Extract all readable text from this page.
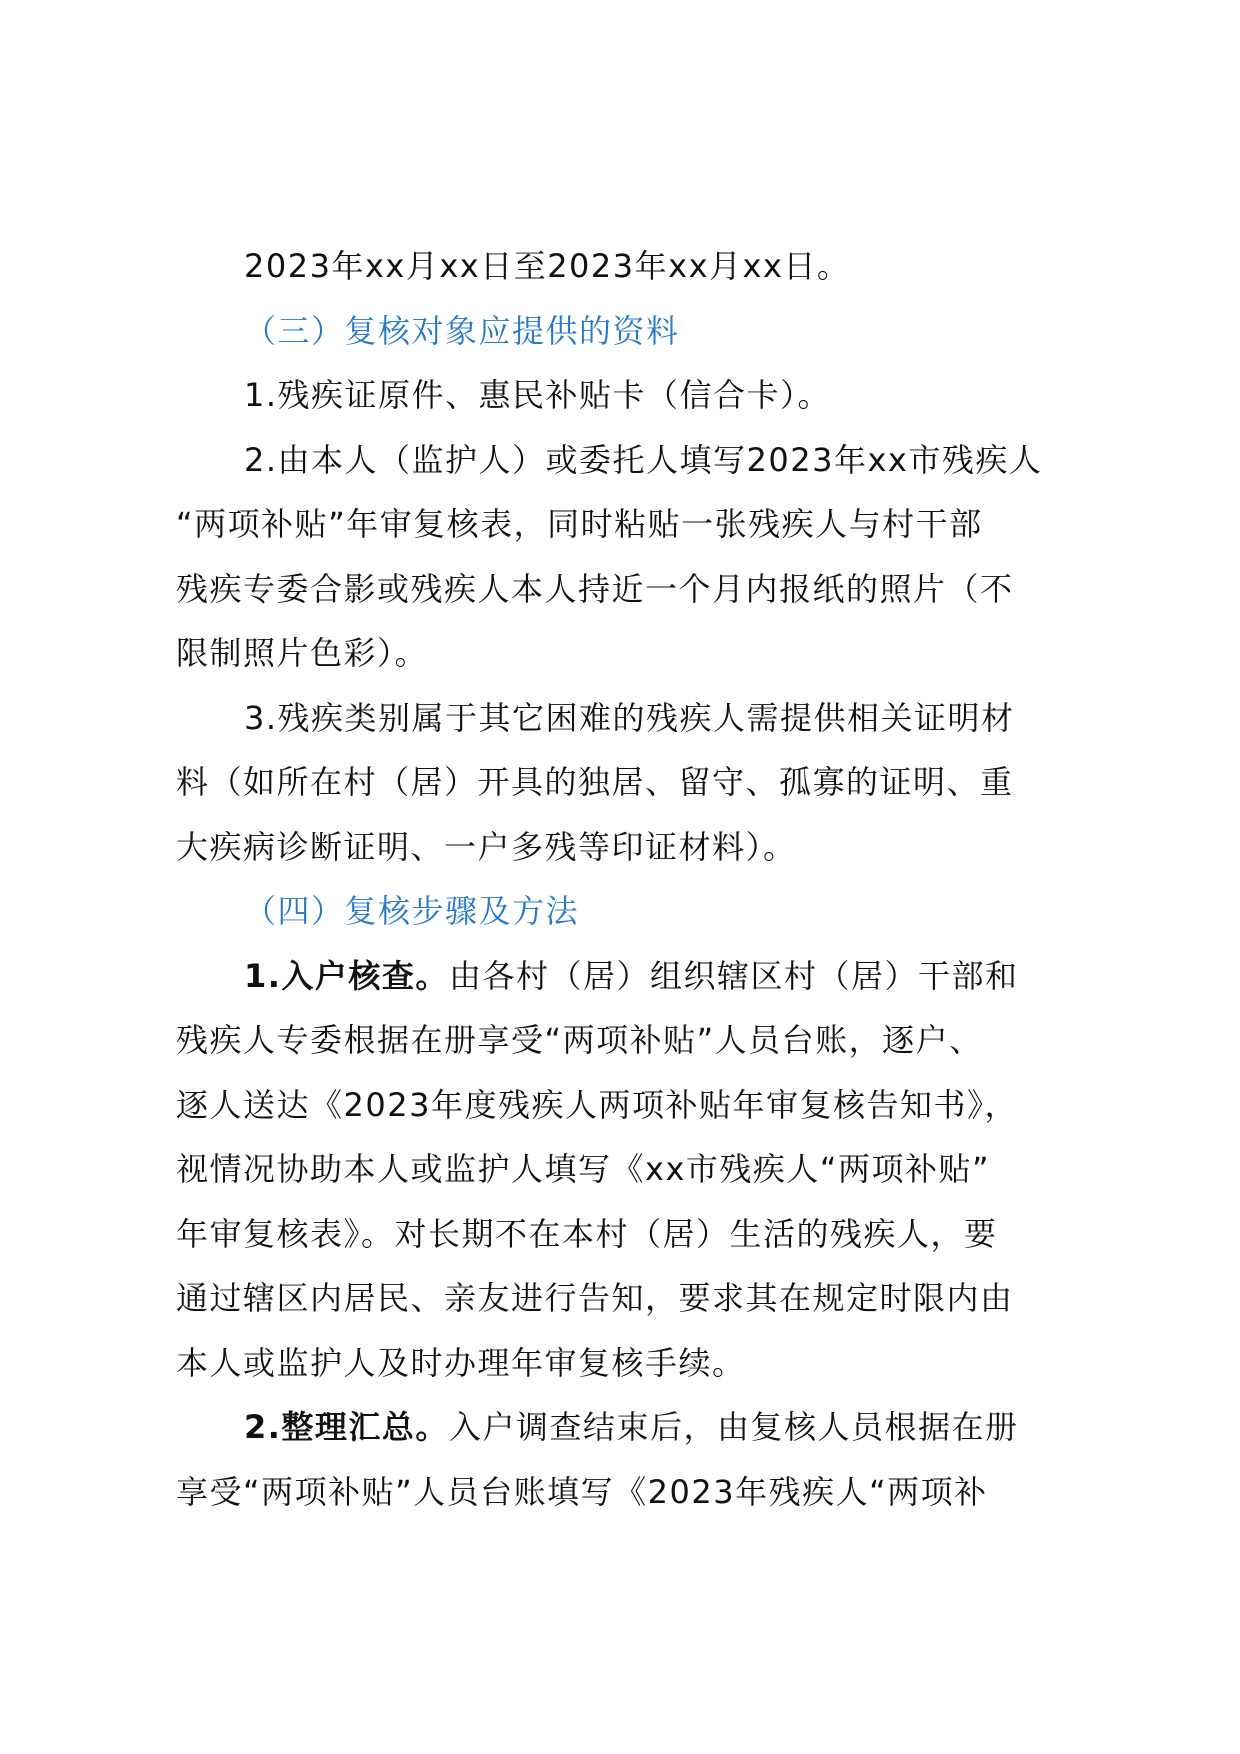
2023年xx月xx日至2023年xx月xx日。

（三）复核对象应提供的资料

1.残疾证原件、惠民补贴卡（信合卡）。

2.由本人（监护人）或委托人填写2023年xx市残疾人

“两项补贴”年审复核表，同时粘贴一张残疾人与村干部

残疾专委合影或残疾人本人持近一个月内报纸的照片（不

限制照片色彩）。

3.残疾类别属于其它困难的残疾人需提供相关证明材

料（如所在村（居）开具的独居、留守、孤寡的证明、重

大疾病诊断证明、一户多残等印证材料）。

（四）复核步骤及方法

1.入户核查。由各村（居）组织辖区村（居）干部和

残疾人专委根据在册享受“两项补贴”人员台账，逐户、

逐人送达《2023年度残疾人两项补贴年审复核告知书》，

视情况协助本人或监护人填写《xx市残疾人“两项补贴”

年审复核表》。对长期不在本村（居）生活的残疾人，要

通过辖区内居民、亲友进行告知，要求其在规定时限内由

本人或监护人及时办理年审复核手续。

2.整理汇总。入户调查结束后，由复核人员根据在册

享受“两项补贴”人员台账填写《2023年残疾人“两项补
